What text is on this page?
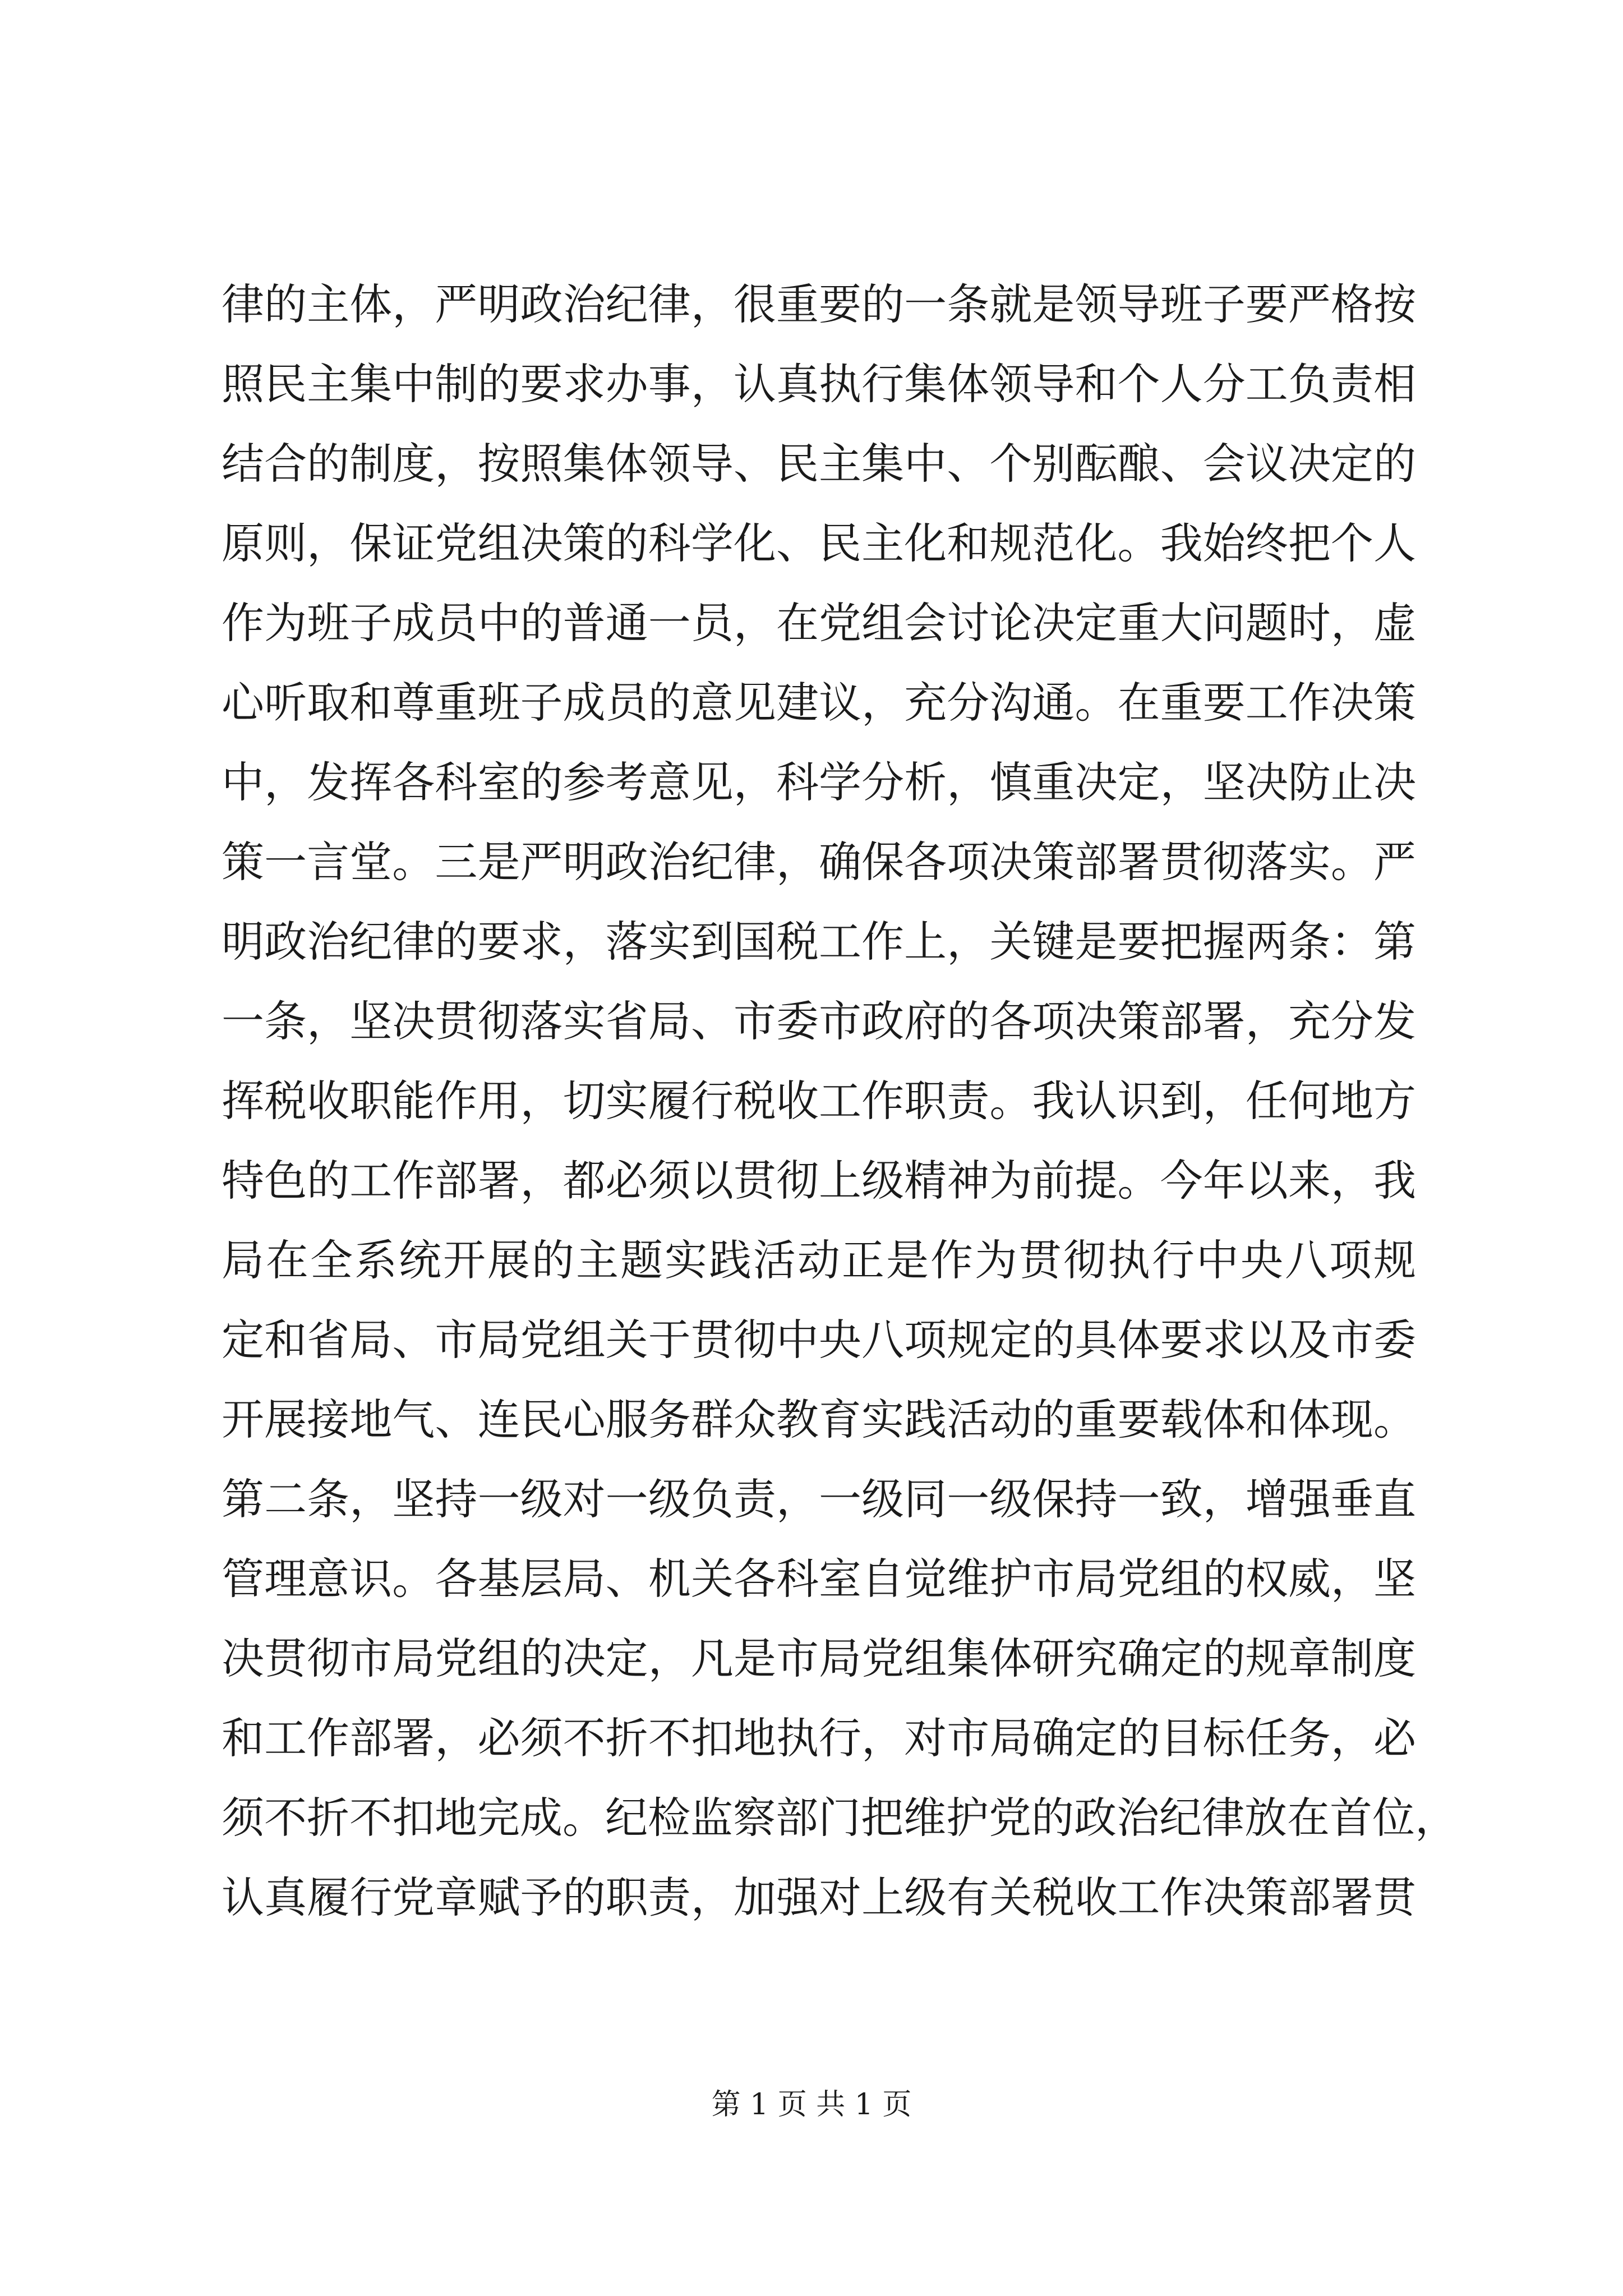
律的主体，严明政治纪律，很重要的一条就是领导班子要严格按
照民主集中制的要求办事，认真执行集体领导和个人分工负责相
结合的制度，按照集体领导、民主集中、个别酝酿、会议决定的
原则，保证党组决策的科学化、民主化和规范化。我始终把个人
作为班子成员中的普通一员，在党组会讨论决定重大问题时，虚
心听取和尊重班子成员的意见建议，充分沟通。在重要工作决策
中，发挥各科室的参考意见，科学分析，慎重决定，坚决防止决
策一言堂。三是严明政治纪律，确保各项决策部署贯彻落实。严
明政治纪律的要求，落实到国税工作上，关键是要把握两条：第
一条，坚决贯彻落实省局、市委市政府的各项决策部署，充分发
挥税收职能作用，切实履行税收工作职责。我认识到，任何地方
特色的工作部署，都必须以贯彻上级精神为前提。今年以来，我
局在全系统开展的主题实践活动正是作为贯彻执行中央八项规
定和省局、市局党组关于贯彻中央八项规定的具体要求以及市委
开展接地气、连民心服务群众教育实践活动的重要载体和体现。
第二条，坚持一级对一级负责，一级同一级保持一致，增强垂直
管理意识。各基层局、机关各科室自觉维护市局党组的权威，坚
决贯彻市局党组的决定，凡是市局党组集体研究确定的规章制度
和工作部署，必须不折不扣地执行，对市局确定的目标任务，必
须不折不扣地完成。纪检监察部门把维护党的政治纪律放在首位，
认真履行党章赋予的职责，加强对上级有关税收工作决策部署贯
第 1 页 共 1 页
